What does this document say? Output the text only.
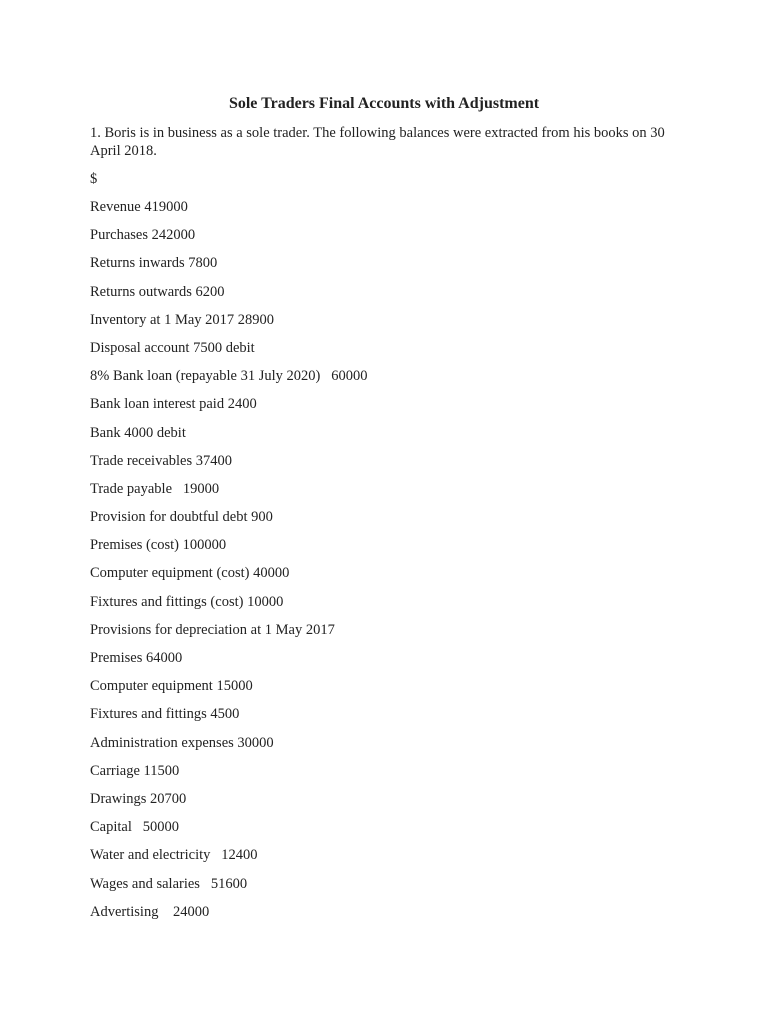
Sole Traders Final Accounts with Adjustment

1. Boris is in business as a sole trader. The following balances were extracted from his books on 30 April 2018.

$

Revenue 419000
Purchases 242000
Returns inwards 7800
Returns outwards 6200
Inventory at 1 May 2017 28900
Disposal account 7500 debit
8% Bank loan (repayable 31 July 2020)   60000
Bank loan interest paid 2400
Bank 4000 debit
Trade receivables 37400
Trade payable   19000
Provision for doubtful debt 900
Premises (cost) 100000
Computer equipment (cost) 40000
Fixtures and fittings (cost) 10000
Provisions for depreciation at 1 May 2017
Premises 64000
Computer equipment 15000
Fixtures and fittings 4500
Administration expenses 30000
Carriage 11500
Drawings 20700
Capital   50000
Water and electricity   12400
Wages and salaries   51600
Advertising    24000
